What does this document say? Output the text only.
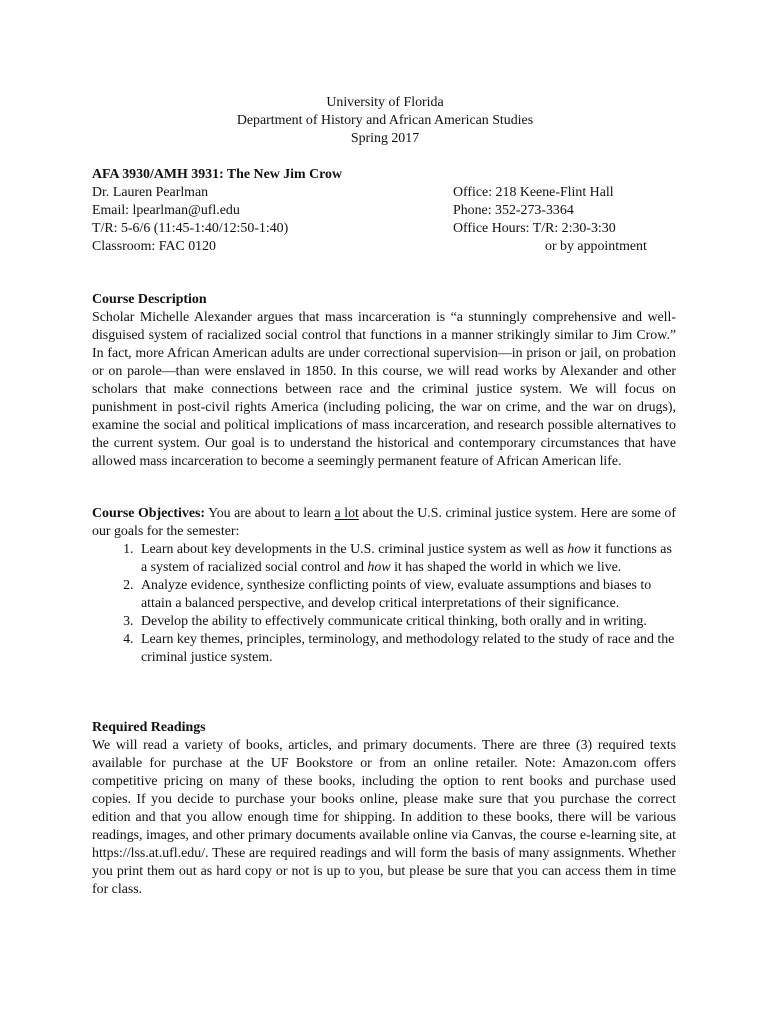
University of Florida
Department of History and African American Studies
Spring 2017
AFA 3930/AMH 3931: The New Jim Crow
Dr. Lauren Pearlman
Email: lpearlman@ufl.edu
T/R: 5-6/6 (11:45-1:40/12:50-1:40)
Classroom: FAC 0120
Office: 218 Keene-Flint Hall
Phone: 352-273-3364
Office Hours: T/R: 2:30-3:30
or by appointment
Course Description

Scholar Michelle Alexander argues that mass incarceration is “a stunningly comprehensive and well-disguised system of racialized social control that functions in a manner strikingly similar to Jim Crow.” In fact, more African American adults are under correctional supervision—in prison or jail, on probation or on parole—than were enslaved in 1850. In this course, we will read works by Alexander and other scholars that make connections between race and the criminal justice system. We will focus on punishment in post-civil rights America (including policing, the war on crime, and the war on drugs), examine the social and political implications of mass incarceration, and research possible alternatives to the current system. Our goal is to understand the historical and contemporary circumstances that have allowed mass incarceration to become a seemingly permanent feature of African American life.

Course Objectives: You are about to learn a lot about the U.S. criminal justice system. Here are some of our goals for the semester:

1. Learn about key developments in the U.S. criminal justice system as well as how it functions as a system of racialized social control and how it has shaped the world in which we live.
2. Analyze evidence, synthesize conflicting points of view, evaluate assumptions and biases to attain a balanced perspective, and develop critical interpretations of their significance.
3. Develop the ability to effectively communicate critical thinking, both orally and in writing.
4. Learn key themes, principles, terminology, and methodology related to the study of race and the criminal justice system.
Required Readings

We will read a variety of books, articles, and primary documents. There are three (3) required texts available for purchase at the UF Bookstore or from an online retailer. Note: Amazon.com offers competitive pricing on many of these books, including the option to rent books and purchase used copies. If you decide to purchase your books online, please make sure that you purchase the correct edition and that you allow enough time for shipping. In addition to these books, there will be various readings, images, and other primary documents available online via Canvas, the course e-learning site, at https://lss.at.ufl.edu/. These are required readings and will form the basis of many assignments. Whether you print them out as hard copy or not is up to you, but please be sure that you can access them in time for class.
